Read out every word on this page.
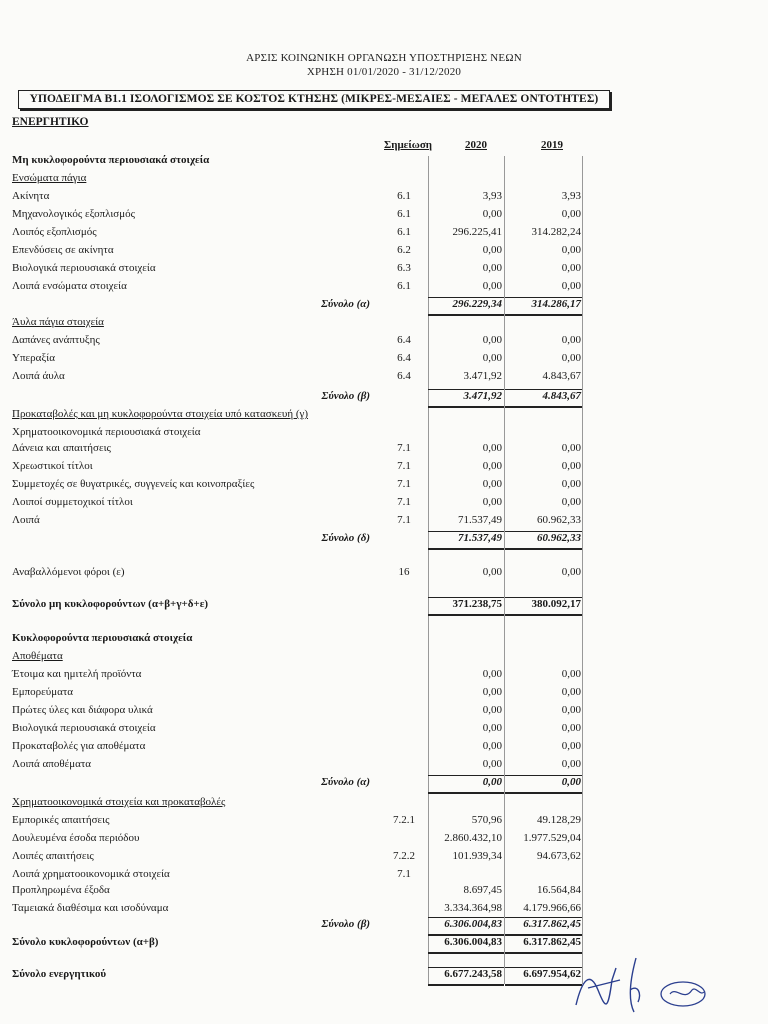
ΑΡΣΙΣ ΚΟΙΝΩΝΙΚΗ ΟΡΓΑΝΩΣΗ ΥΠΟΣΤΗΡΙΞΗΣ ΝΕΩΝ
ΧΡΗΣΗ 01/01/2020 - 31/12/2020
ΥΠΟΔΕΙΓΜΑ Β1.1 ΙΣΟΛΟΓΙΣΜΟΣ ΣΕ ΚΟΣΤΟΣ ΚΤΗΣΗΣ (ΜΙΚΡΕΣ-ΜΕΣΑΙΕΣ - ΜΕΓΑΛΕΣ ΟΝΤΟΤΗΤΕΣ)
ΕΝΕΡΓΗΤΙΚΟ
Σημείωση	2020	2019
Μη κυκλοφορούντα περιουσιακά στοιχεία
Ενσώματα πάγια
Ακίνητα	6.1	3,93	3,93
Μηχανολογικός εξοπλισμός	6.1	0,00	0,00
Λοιπός εξοπλισμός	6.1	296.225,41	314.282,24
Επενδύσεις σε ακίνητα	6.2	0,00	0,00
Βιολογικά περιουσιακά στοιχεία	6.3	0,00	0,00
Λοιπά ενσώματα στοιχεία	6.1	0,00	0,00
Σύνολο (α)	296.229,34	314.286,17
Άυλα πάγια στοιχεία
Δαπάνες ανάπτυξης	6.4	0,00	0,00
Υπεραξία	6.4	0,00	0,00
Λοιπά άυλα	6.4	3.471,92	4.843,67
Σύνολο (β)	3.471,92	4.843,67
Προκαταβολές και μη κυκλοφορούντα στοιχεία υπό κατασκευή (γ)
Χρηματοοικονομικά περιουσιακά στοιχεία
Δάνεια και απαιτήσεις	7.1	0,00	0,00
Χρεωστικοί τίτλοι	7.1	0,00	0,00
Συμμετοχές σε θυγατρικές, συγγενείς και κοινοπραξίες	7.1	0,00	0,00
Λοιποί συμμετοχικοί τίτλοι	7.1	0,00	0,00
Λοιπά	7.1	71.537,49	60.962,33
Σύνολο (δ)	71.537,49	60.962,33
Αναβαλλόμενοι φόροι (ε)	16	0,00	0,00
Σύνολο μη κυκλοφορούντων (α+β+γ+δ+ε)	371.238,75	380.092,17
Κυκλοφορούντα περιουσιακά στοιχεία
Αποθέματα
Έτοιμα και ημιτελή προϊόντα	0,00	0,00
Εμπορεύματα	0,00	0,00
Πρώτες ύλες και διάφορα υλικά	0,00	0,00
Βιολογικά περιουσιακά στοιχεία	0,00	0,00
Προκαταβολές για αποθέματα	0,00	0,00
Λοιπά αποθέματα	0,00	0,00
Σύνολο (α)	0,00	0,00
Χρηματοοικονομικά στοιχεία και προκαταβολές
Εμπορικές απαιτήσεις	7.2.1	570,96	49.128,29
Δουλευμένα έσοδα περιόδου	2.860.432,10	1.977.529,04
Λοιπές απαιτήσεις	7.2.2	101.939,34	94.673,62
Λοιπά χρηματοοικονομικά στοιχεία	7.1
Προπληρωμένα έξοδα	8.697,45	16.564,84
Ταμειακά διαθέσιμα και ισοδύναμα	3.334.364,98	4.179.966,66
Σύνολο (β)	6.306.004,83	6.317.862,45
Σύνολο κυκλοφορούντων (α+β)	6.306.004,83	6.317.862,45
Σύνολο ενεργητικού	6.677.243,58	6.697.954,62
